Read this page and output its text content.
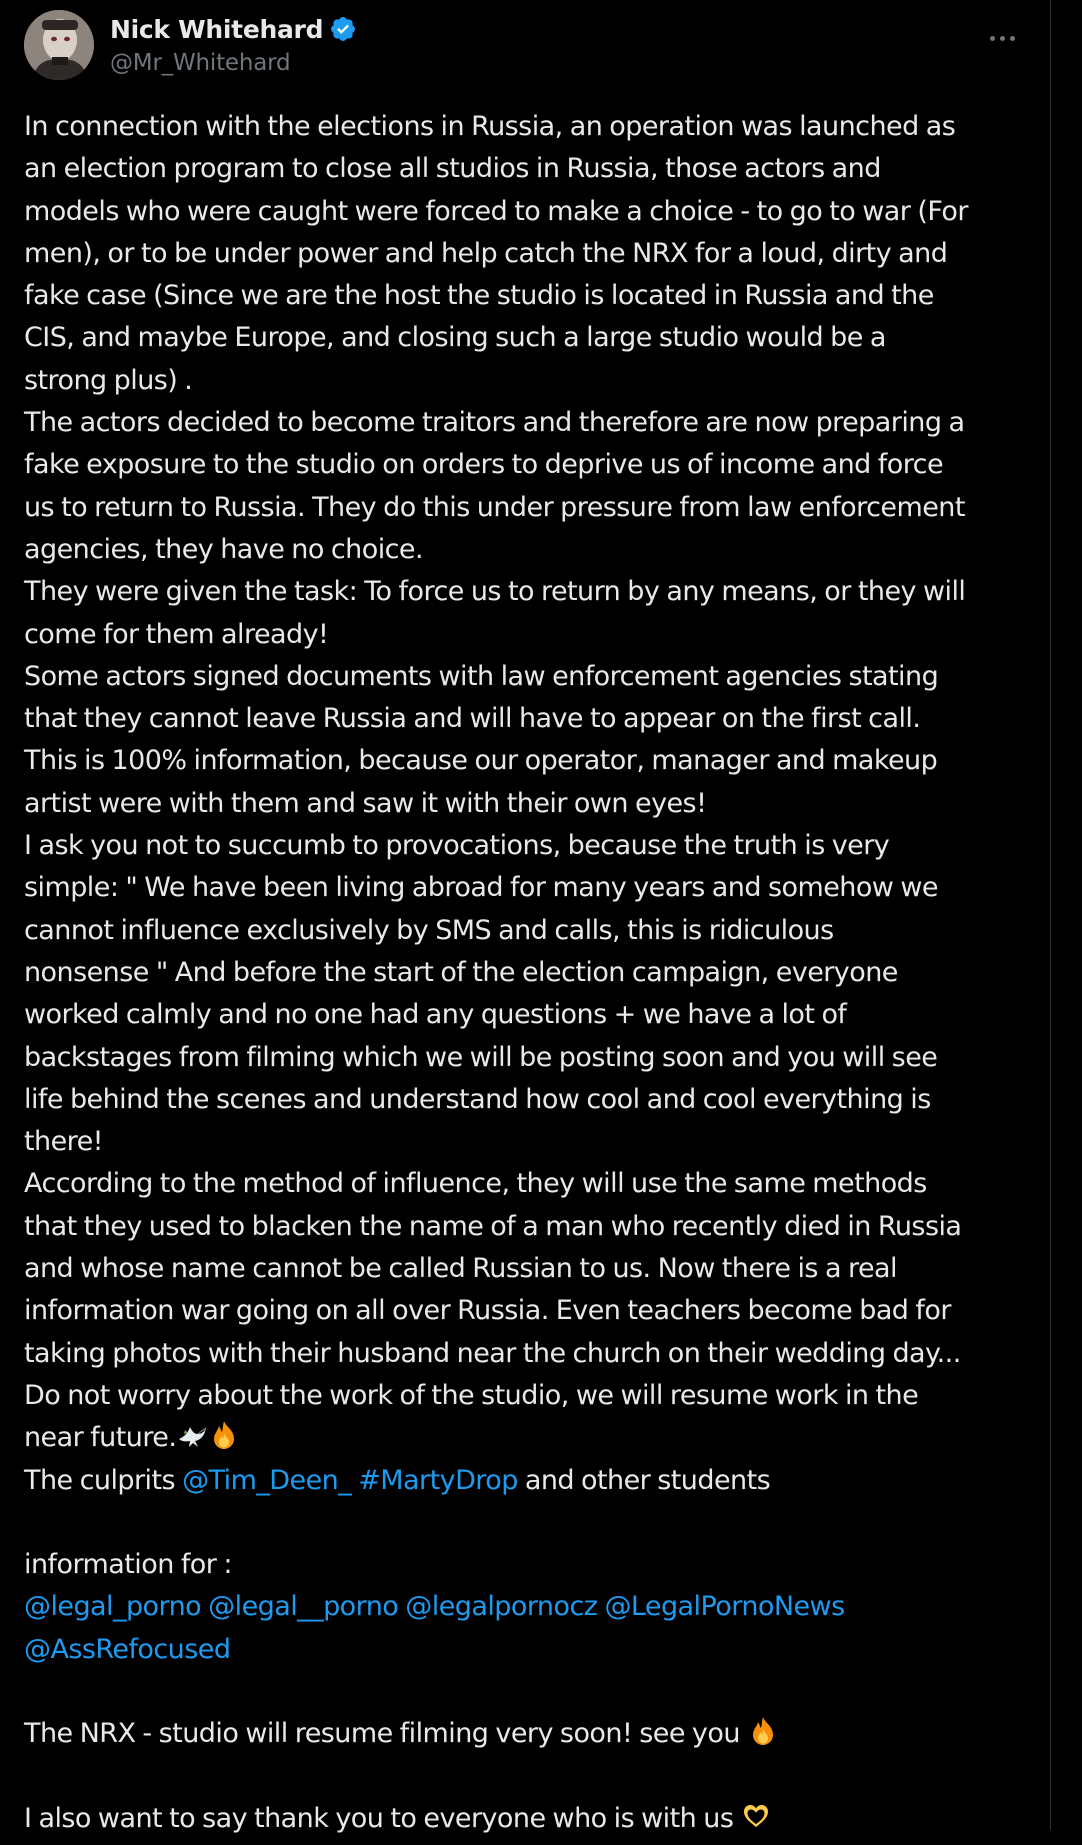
Nick Whitehard
@Mr_Whitehard
In connection with the elections in Russia, an operation was launched as
an election program to close all studios in Russia, those actors and
models who were caught were forced to make a choice - to go to war (For
men), or to be under power and help catch the NRX for a loud, dirty and
fake case (Since we are the host the studio is located in Russia and the
CIS, and maybe Europe, and closing such a large studio would be a
strong plus) .
The actors decided to become traitors and therefore are now preparing a
fake exposure to the studio on orders to deprive us of income and force
us to return to Russia. They do this under pressure from law enforcement
agencies, they have no choice.
They were given the task: To force us to return by any means, or they will
come for them already!
Some actors signed documents with law enforcement agencies stating
that they cannot leave Russia and will have to appear on the first call.
This is 100% information, because our operator, manager and makeup
artist were with them and saw it with their own eyes!
I ask you not to succumb to provocations, because the truth is very
simple: " We have been living abroad for many years and somehow we
cannot influence exclusively by SMS and calls, this is ridiculous
nonsense " And before the start of the election campaign, everyone
worked calmly and no one had any questions + we have a lot of
backstages from filming which we will be posting soon and you will see
life behind the scenes and understand how cool and cool everything is
there!
According to the method of influence, they will use the same methods
that they used to blacken the name of a man who recently died in Russia
and whose name cannot be called Russian to us. Now there is a real
information war going on all over Russia. Even teachers become bad for
taking photos with their husband near the church on their wedding day...
Do not worry about the work of the studio, we will resume work in the
near future.
The culprits @Tim_Deen_ #MartyDrop and other students
information for :
@legal_porno @legal__porno @legalpornocz @LegalPornoNews
@AssRefocused
The NRX - studio will resume filming very soon! see you
I also want to say thank you to everyone who is with us
